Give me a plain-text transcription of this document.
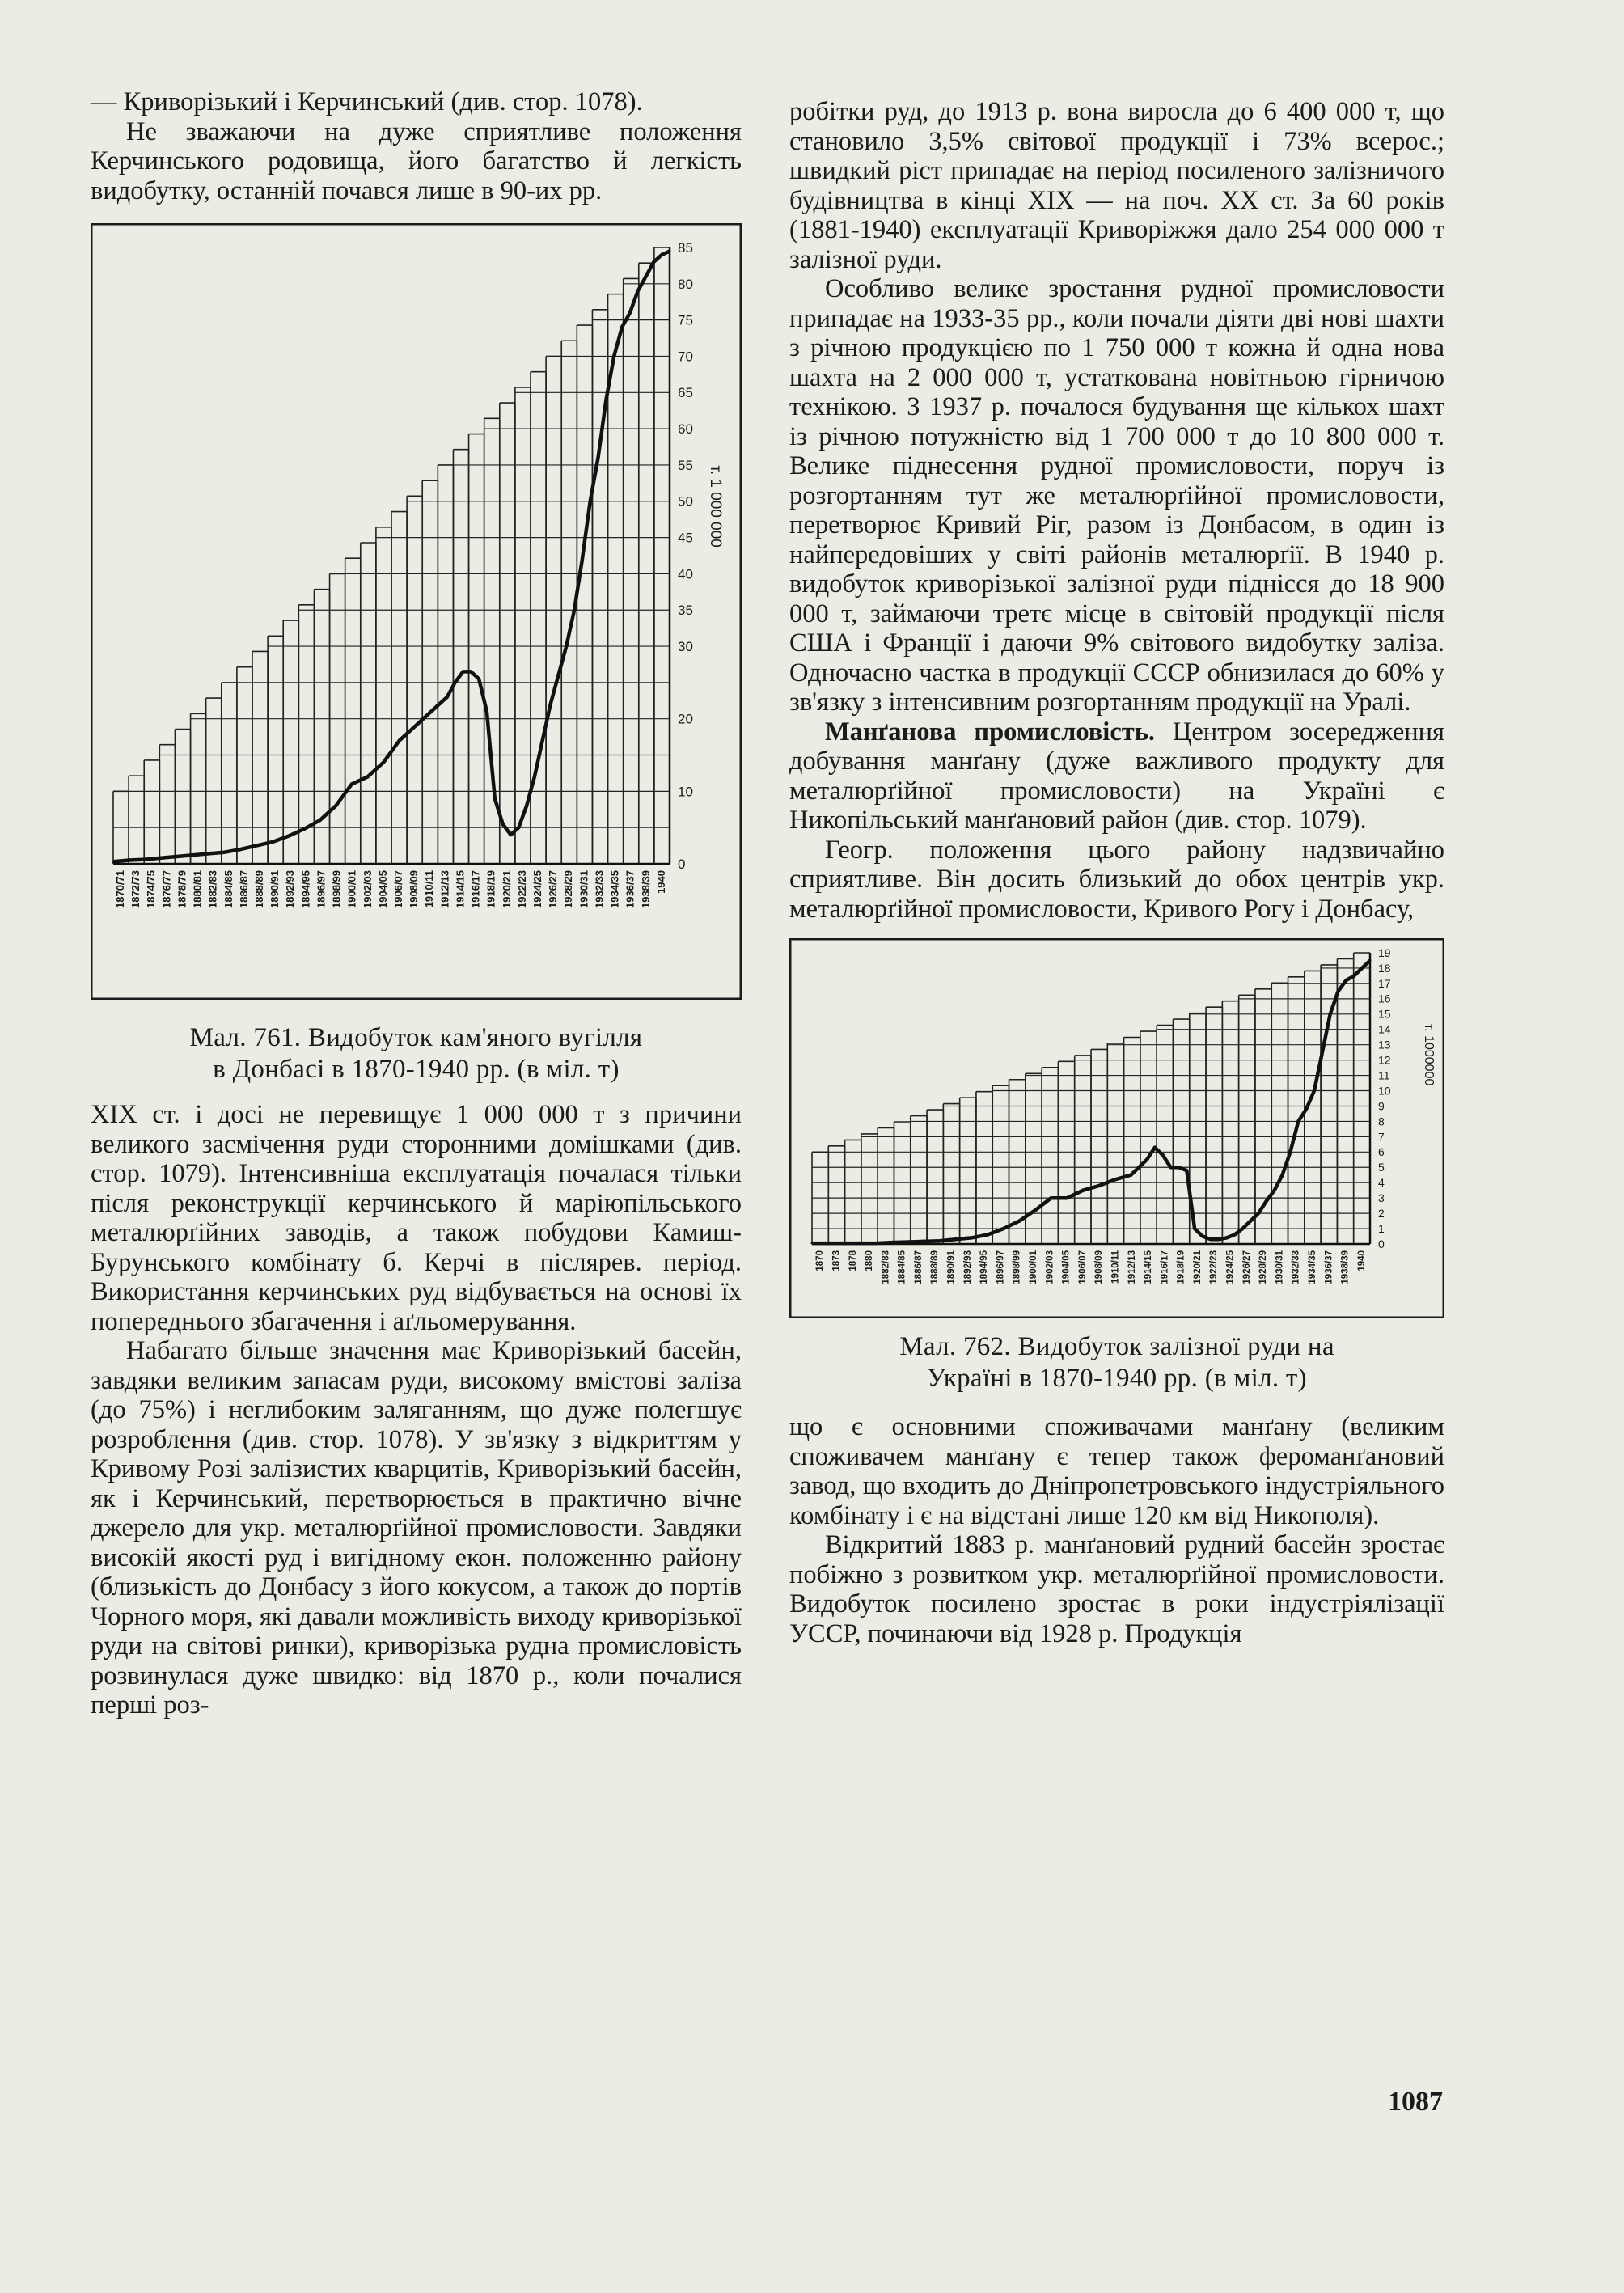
— Криворізький і Керчинський (див. стор. 1078).

Не зважаючи на дуже сприятливе положення Керчинського родовища, його багатство й легкість видобутку, останній почався лише в 90-их рр.

0
10
20
30
35
40
45
50
55
60
65
70
75
80
85
т. 1 000 000
1870/71 1872/73 1874/75 1876/77 1878/79 1880/81 1882/83 1884/85 1886/87 1888/89 1890/91 1892/93 1894/95 1896/97 1898/99 1900/01 1902/03 1904/05 1906/07 1908/09 1910/11 1912/13 1914/15 1916/17 1918/19 1920/21 1922/23 1924/25 1926/27 1928/29 1930/31 1932/33 1934/35 1936/37 1938/39 1940
Мал. 761. Видобуток кам'яного вугілля
в Донбасі в 1870-1940 рр. (в міл. т)

XIX ст. і досі не перевищує 1 000 000 т з причини великого засмічення руди сторонними домішками (див. стор. 1079). Інтенсивніша експлуатація почалася тільки після реконструкції керчинського й маріюпільського металюрґійних заводів, а також побудови Камиш-Бурунського комбінату б. Керчі в післярев. період. Використання керчинських руд відбувається на основі їх попереднього збагачення і аґльомерування.

Набагато більше значення має Криворізький басейн, завдяки великим запасам руди, високому вмістові заліза (до 75%) і неглибоким заляганням, що дуже полегшує розроблення (див. стор. 1078). У зв'язку з відкриттям у Кривому Розі залізистих кварцитів, Криворізький басейн, як і Керчинський, перетворюється в практично вічне джерело для укр. металюрґійної промисловости. Завдяки високій якості руд і вигідному екон. положенню району (близькість до Донбасу з його кокусом, а також до портів Чорного моря, які давали можливість виходу криворізької руди на світові ринки), криворізька рудна промисловість розвинулася дуже швидко: від 1870 р., коли почалися перші роз-

робітки руд, до 1913 р. вона виросла до 6 400 000 т, що становило 3,5% світової продукції і 73% всерос.; швидкий ріст припадає на період посиленого залізничого будівництва в кінці XIX — на поч. XX ст. За 60 років (1881-1940) експлуатації Криворіжжя дало 254 000 000 т залізної руди.

Особливо велике зростання рудної промисловости припадає на 1933-35 рр., коли почали діяти дві нові шахти з річною продукцією по 1 750 000 т кожна й одна нова шахта на 2 000 000 т, устаткована новітньою гірничою технікою. З 1937 р. почалося будування ще кількох шахт із річною потужністю від 1 700 000 т до 10 800 000 т. Велике піднесення рудної промисловости, поруч із розгортанням тут же металюрґійної промисловости, перетворює Кривий Ріг, разом із Донбасом, в один із найпередовіших у світі районів металюрґії. В 1940 р. видобуток криворізької залізної руди піднісся до 18 900 000 т, займаючи третє місце в світовій продукції після США і Франції і даючи 9% світового видобутку заліза. Одночасно частка в продукції СССР обнизилася до 60% у зв'язку з інтенсивним розгортанням продукції на Уралі.

Манґанова промисловість. Центром зосередження добування манґану (дуже важливого продукту для металюрґійної промисловости) на Україні є Никопільський манґановий район (див. стор. 1079).

Геогр. положення цього району надзвичайно сприятливе. Він досить близький до обох центрів укр. металюрґійної промисловости, Кривого Рогу і Донбасу,

0
1
2
3
4
5
6
7
8
9
10
11
12
13
14
15
16
17
18
19
т. 1000000
1870 1873 1878 1880 1882/83 1884/85 1886/87 1888/89 1890/91 1892/93 1894/95 1896/97 1898/99 1900/01 1902/03 1904/05 1906/07 1908/09 1910/11 1912/13 1914/15 1916/17 1918/19 1920/21 1922/23 1924/25 1926/27 1928/29 1930/31 1932/33 1934/35 1936/37 1938/39 1940
Мал. 762. Видобуток залізної руди на
Україні в 1870-1940 рр. (в міл. т)

що є основними споживачами манґану (великим споживачем манґану є тепер також фероманґановий завод, що входить до Дніпропетровського індустріяльного комбінату і є на відстані лише 120 км від Никополя).

Відкритий 1883 р. манґановий рудний басейн зростає побіжно з розвитком укр. металюрґійної промисловости. Видобуток посилено зростає в роки індустріялізації УССР, починаючи від 1928 р. Продукція

1087
